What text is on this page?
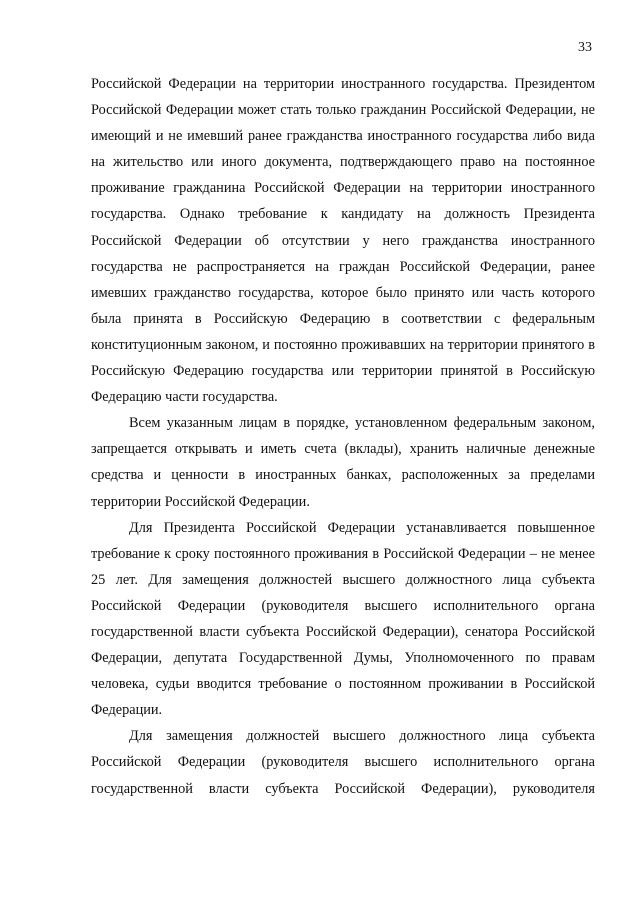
33

Российской Федерации на территории иностранного государства. Президентом Российской Федерации может стать только гражданин Российской Федерации, не имеющий и не имевший ранее гражданства иностранного государства либо вида на жительство или иного документа, подтверждающего право на постоянное проживание гражданина Российской Федерации на территории иностранного государства. Однако требование к кандидату на должность Президента Российской Федерации об отсутствии у него гражданства иностранного государства не распространяется на граждан Российской Федерации, ранее имевших гражданство государства, которое было принято или часть которого была принята в Российскую Федерацию в соответствии с федеральным конституционным законом, и постоянно проживавших на территории принятого в Российскую Федерацию государства или территории принятой в Российскую Федерацию части государства.

Всем указанным лицам в порядке, установленном федеральным законом, запрещается открывать и иметь счета (вклады), хранить наличные денежные средства и ценности в иностранных банках, расположенных за пределами территории Российской Федерации.

Для Президента Российской Федерации устанавливается повышенное требование к сроку постоянного проживания в Российской Федерации – не менее 25 лет. Для замещения должностей высшего должностного лица субъекта Российской Федерации (руководителя высшего исполнительного органа государственной власти субъекта Российской Федерации), сенатора Российской Федерации, депутата Государственной Думы, Уполномоченного по правам человека, судьи вводится требование о постоянном проживании в Российской Федерации.

Для замещения должностей высшего должностного лица субъекта Российской Федерации (руководителя высшего исполнительного органа государственной власти субъекта Российской Федерации), руководителя
